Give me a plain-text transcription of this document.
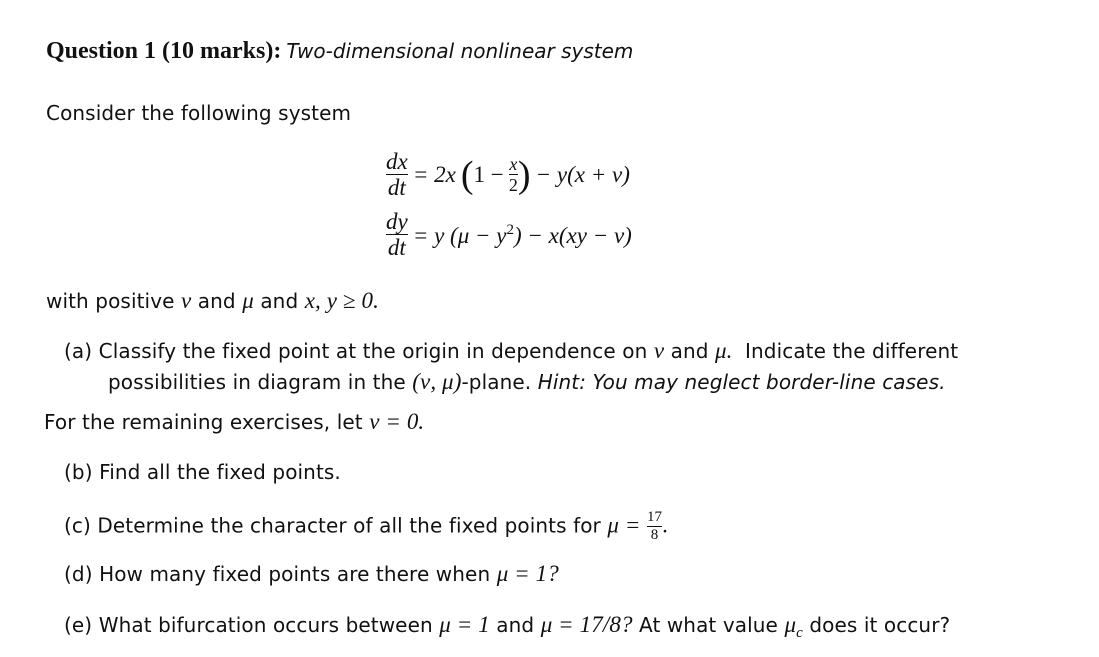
Question 1 (10 marks): Two-dimensional nonlinear system
Consider the following system
$\frac{dx}{dt} = 2x$ ($1 - \frac{x}{2}$ ) − y(x + ν)
$\frac{dy}{dt} = y$ $(\mu - y^2) - x(xy - \nu)$
with positive ν and μ and x, y ≥ 0.
(a) Classify the fixed point at the origin in dependence on ν and μ. Indicate the different
possibilities in diagram in the (ν, μ)-plane. Hint: You may neglect border-line cases.
For the remaining exercises, let ν = 0.
(b) Find all the fixed points.
(c) Determine the character of all the fixed points for $\mu = \frac{17}{8}$ .
(d) How many fixed points are there when μ = 1?
(e) What bifurcation occurs between μ = 1 and μ = 17/8? At what value $\mu_c$ does it occur?
